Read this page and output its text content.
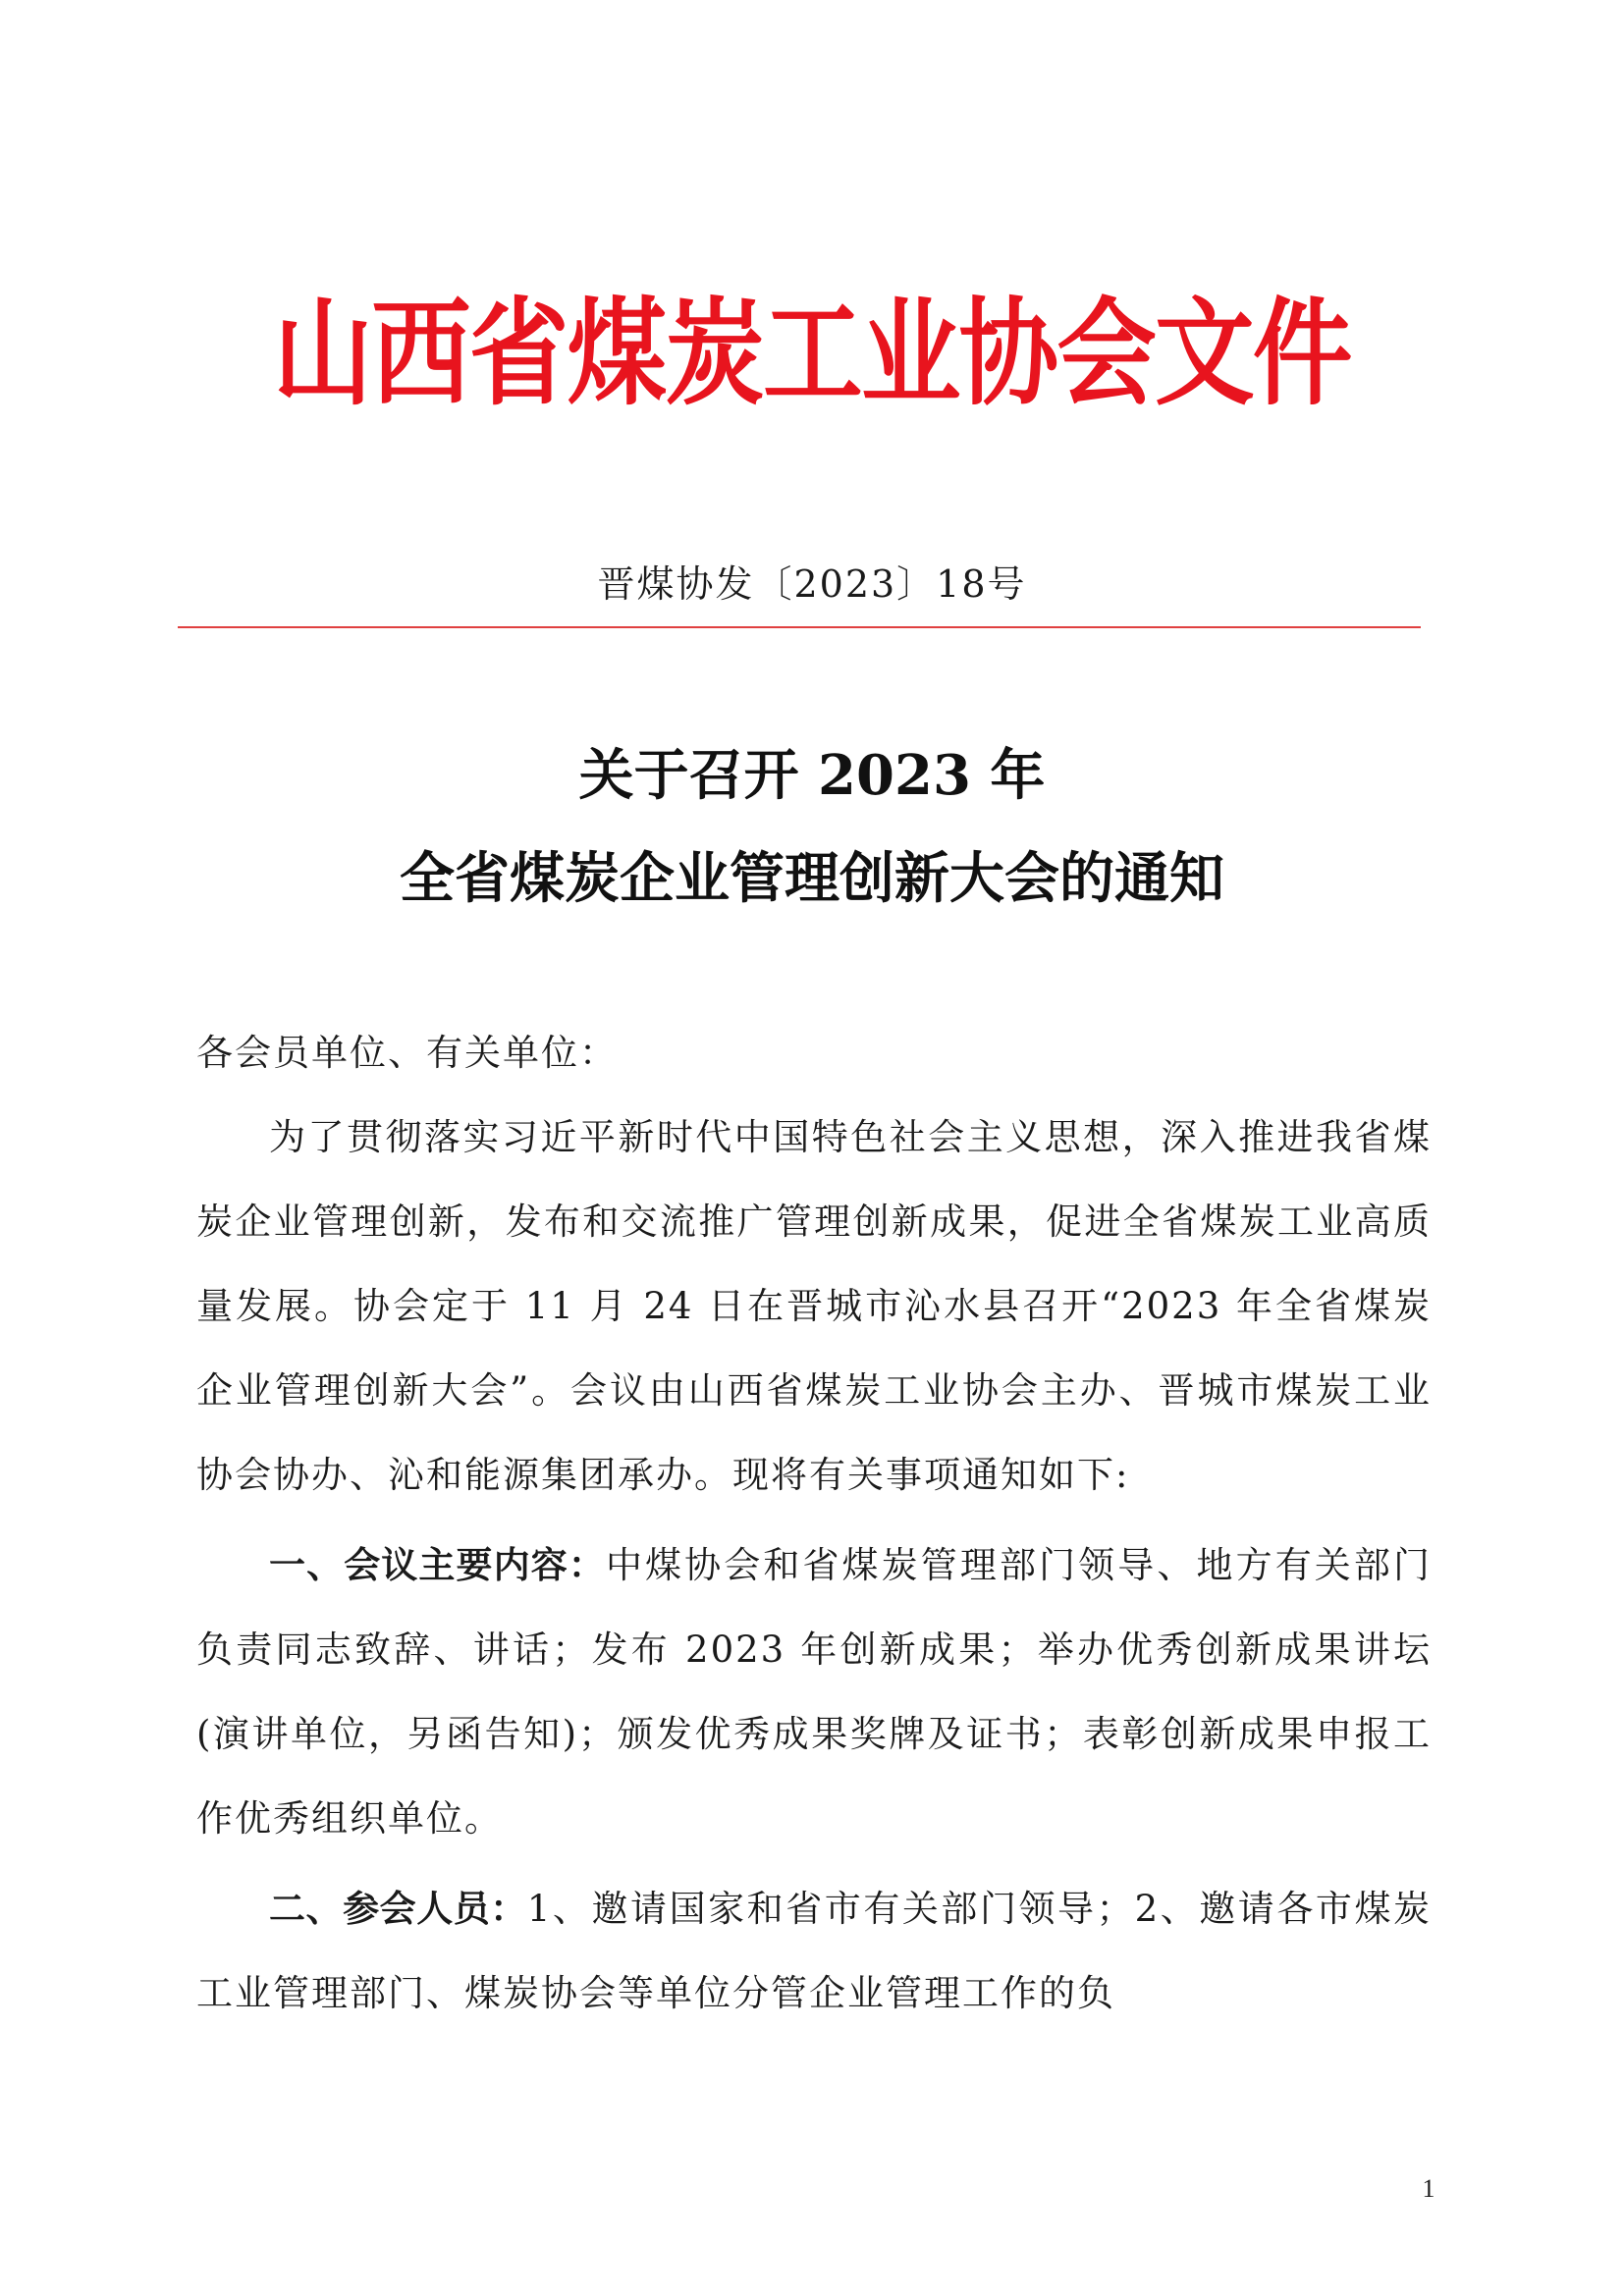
山西省煤炭工业协会文件
晋煤协发〔2023〕18号
关于召开 2023 年
全省煤炭企业管理创新大会的通知

各会员单位、有关单位：

为了贯彻落实习近平新时代中国特色社会主义思想，深入推进我省煤炭企业管理创新，发布和交流推广管理创新成果，促进全省煤炭工业高质量发展。协会定于 11 月 24 日在晋城市沁水县召开“2023 年全省煤炭企业管理创新大会”。会议由山西省煤炭工业协会主办、晋城市煤炭工业协会协办、沁和能源集团承办。现将有关事项通知如下:

一、会议主要内容：中煤协会和省煤炭管理部门领导、地方有关部门负责同志致辞、讲话；发布 2023 年创新成果；举办优秀创新成果讲坛(演讲单位，另函告知)；颁发优秀成果奖牌及证书；表彰创新成果申报工作优秀组织单位。

二、参会人员：1、邀请国家和省市有关部门领导；2、邀请各市煤炭工业管理部门、煤炭协会等单位分管企业管理工作的负

1
